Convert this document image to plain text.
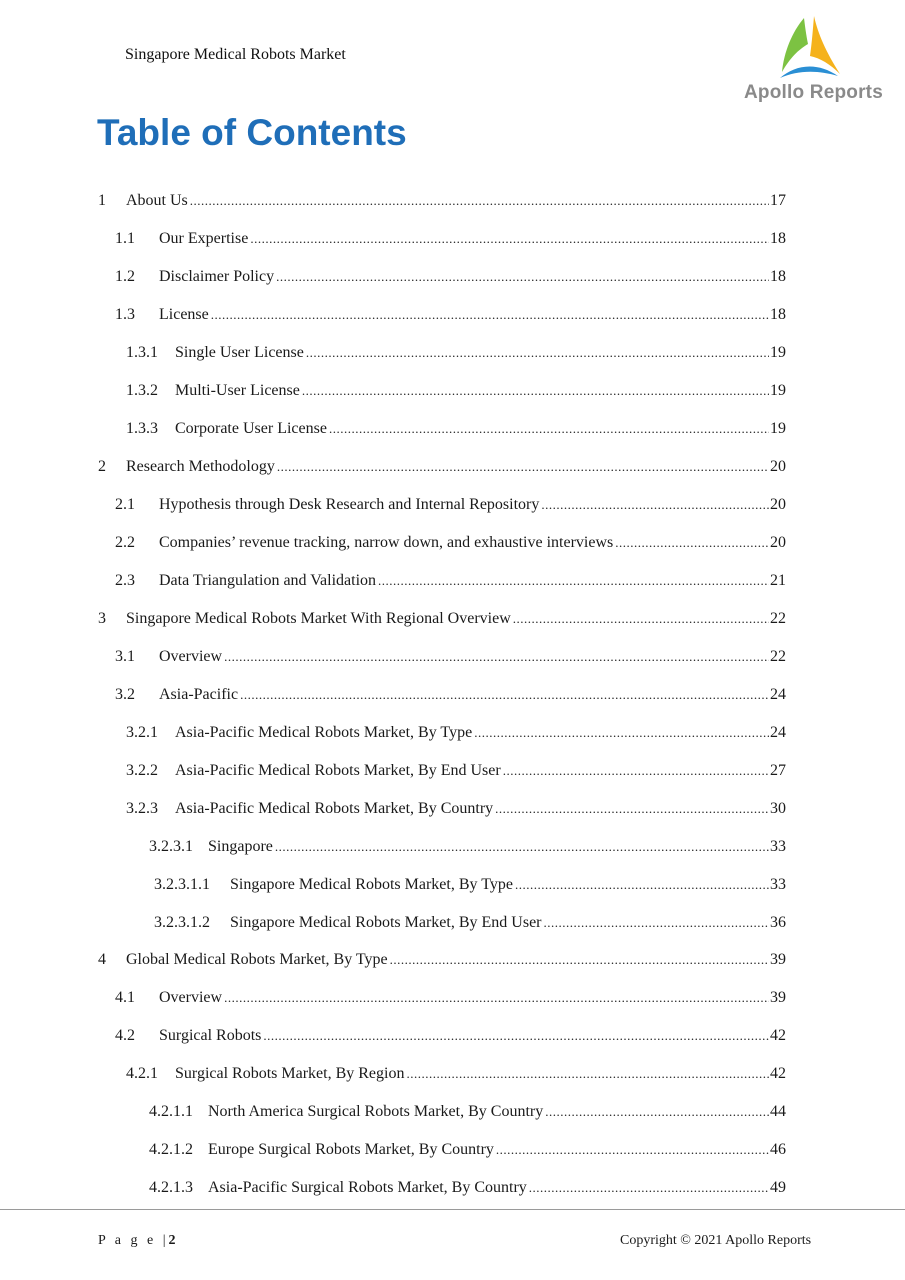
Singapore Medical Robots Market
Apollo Reports
Table of Contents
1	About Us .....	17
1.1	Our Expertise .....	18
1.2	Disclaimer Policy .....	18
1.3	License .....	18
1.3.1	Single User License .....	19
1.3.2	Multi-User License .....	19
1.3.3	Corporate User License .....	19
2	Research Methodology .....	20
2.1	Hypothesis through Desk Research and Internal Repository .....	20
2.2	Companies’ revenue tracking, narrow down, and exhaustive interviews .....	20
2.3	Data Triangulation and Validation .....	21
3	Singapore Medical Robots Market With Regional Overview .....	22
3.1	Overview .....	22
3.2	Asia-Pacific .....	24
3.2.1	Asia-Pacific Medical Robots Market, By Type .....	24
3.2.2	Asia-Pacific Medical Robots Market, By End User .....	27
3.2.3	Asia-Pacific Medical Robots Market, By Country .....	30
3.2.3.1 Singapore .....	33
3.2.3.1.1	Singapore Medical Robots Market, By Type .....	33
3.2.3.1.2	Singapore Medical Robots Market, By End User .....	36
4	Global Medical Robots Market, By Type .....	39
4.1	Overview .....	39
4.2	Surgical Robots .....	42
4.2.1	Surgical Robots Market, By Region .....	42
4.2.1.1 North America Surgical Robots Market, By Country .....	44
4.2.1.2 Europe Surgical Robots Market, By Country .....	46
4.2.1.3 Asia-Pacific Surgical Robots Market, By Country .....	49
P a g e |2	Copyright © 2021 Apollo Reports
